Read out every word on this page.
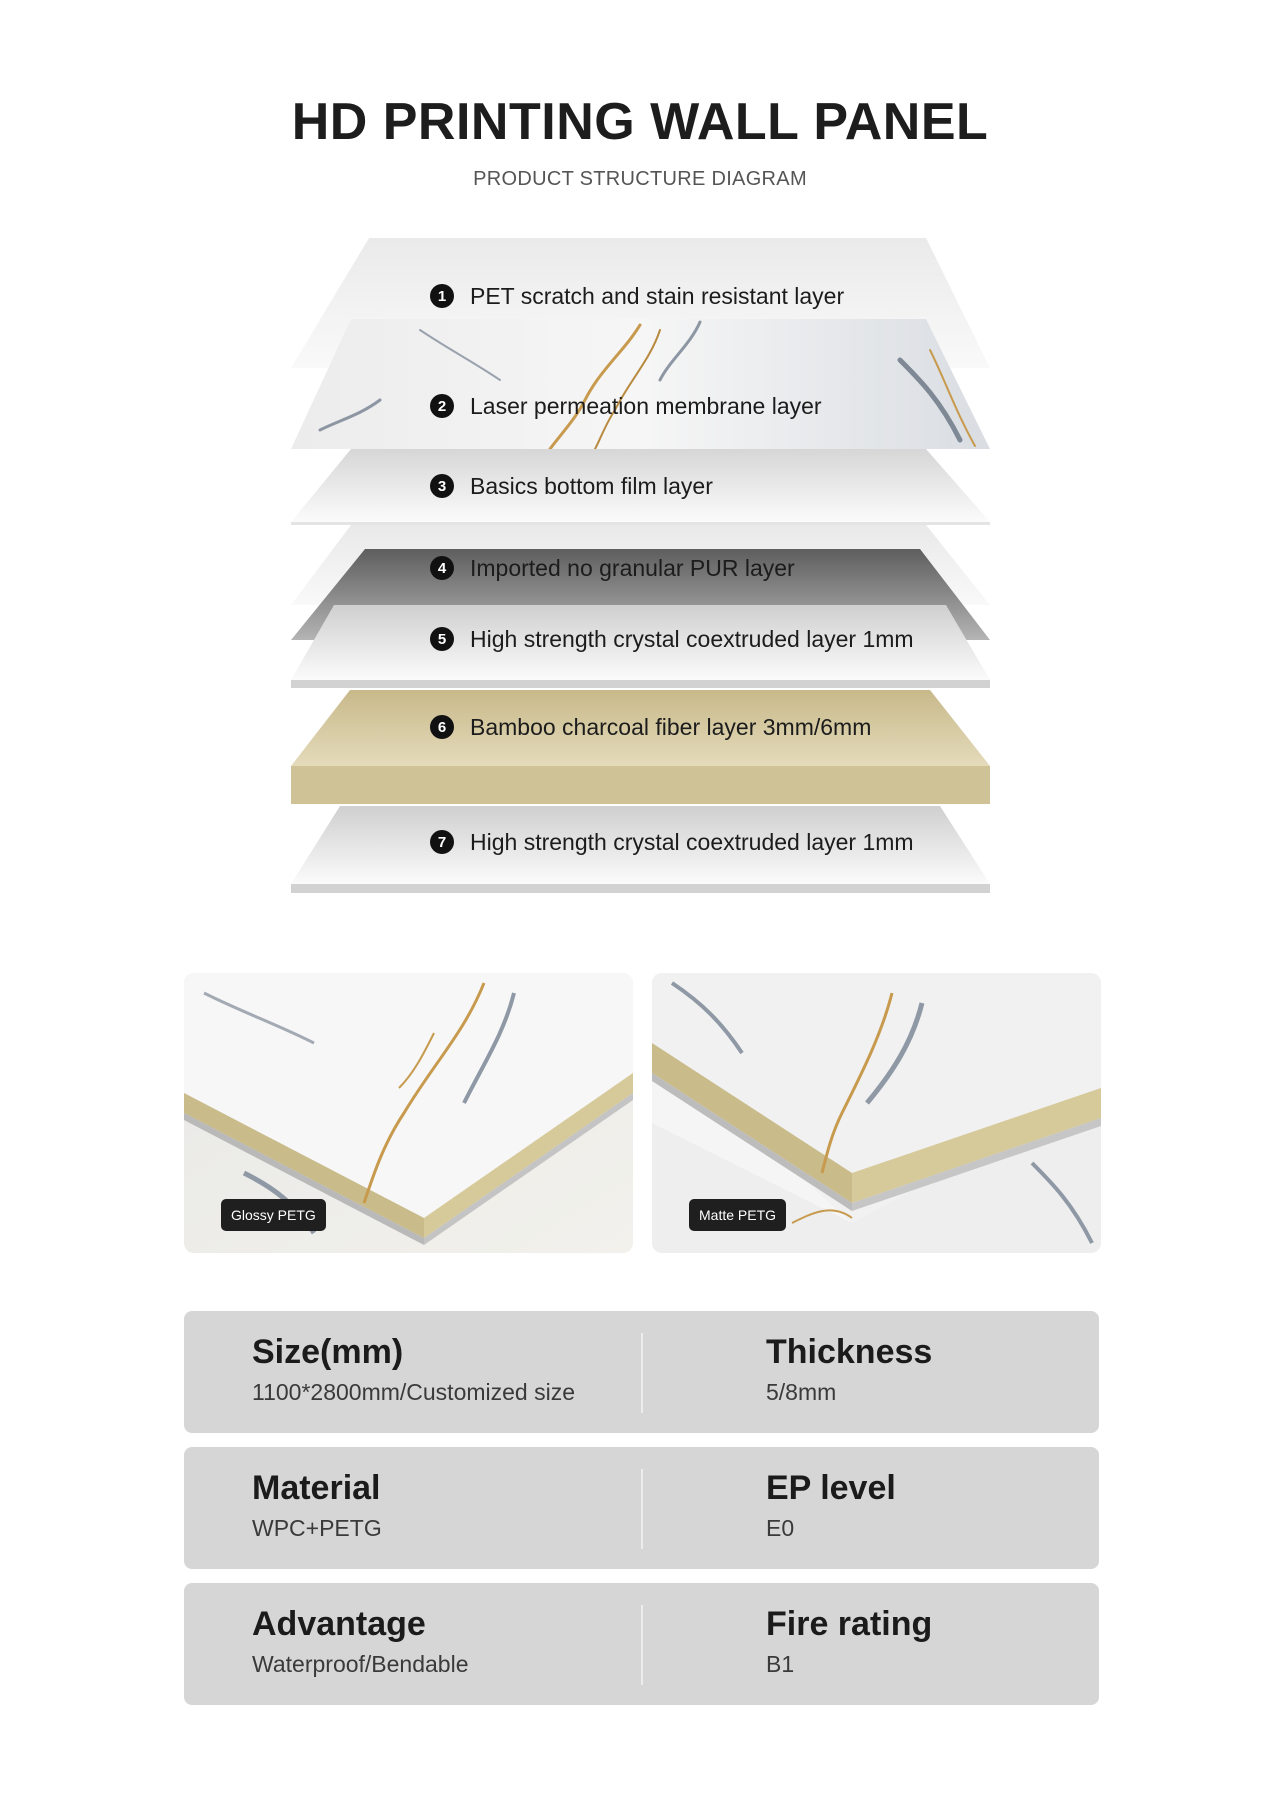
HD PRINTING WALL PANEL
PRODUCT STRUCTURE DIAGRAM
1	PET scratch and stain resistant layer
2	Laser permeation membrane layer
3	Basics bottom film layer
4	Imported no granular PUR layer
5	High strength crystal coextruded layer 1mm
6	Bamboo charcoal fiber layer 3mm/6mm
7	High strength crystal coextruded layer 1mm
Glossy PETG	Matte PETG
Size(mm)
1100*2800mm/Customized size
Thickness
5/8mm
Material
WPC+PETG
EP level
E0
Advantage
Waterproof/Bendable
Fire rating
B1
